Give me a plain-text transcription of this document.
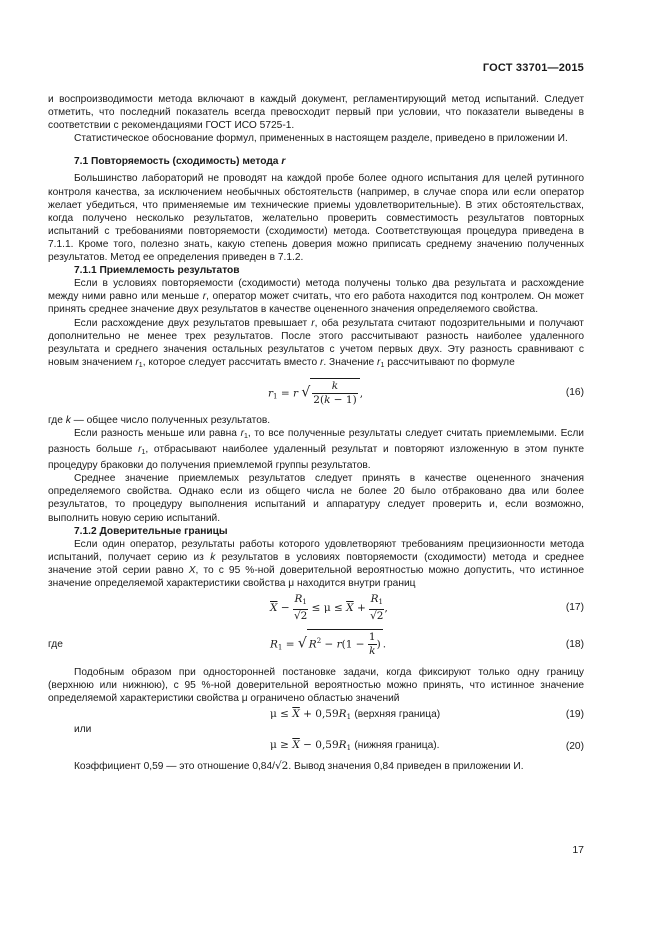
ГОСТ 33701—2015

и воспроизводимости метода включают в каждый документ, регламентирующий метод испытаний. Следует отметить, что последний показатель всегда превосходит первый при условии, что показатели выведены в соответствии с рекомендациями ГОСТ ИСО 5725-1.

Статистическое обоснование формул, примененных в настоящем разделе, приведено в приложении И.

7.1 Повторяемость (сходимость) метода r

Большинство лабораторий не проводят на каждой пробе более одного испытания для целей рутинного контроля качества, за исключением необычных обстоятельств (например, в случае спора или если оператор желает убедиться, что применяемые им технические приемы удовлетворительные). В этих обстоятельствах, когда получено несколько результатов, желательно проверить совместимость результатов повторных испытаний с требованиями повторяемости (сходимости) метода. Соответствующая процедура приведена в 7.1.1. Кроме того, полезно знать, какую степень доверия можно приписать среднему значению полученных результатов. Метод ее определения приведен в 7.1.2.

7.1.1 Приемлемость результатов

Если в условиях повторяемости (сходимости) метода получены только два результата и расхождение между ними равно или меньше r, оператор может считать, что его работа находится под контролем. Он может принять среднее значение двух результатов в качестве оцененного значения определяемого свойства.

Если расхождение двух результатов превышает r, оба результата считают подозрительными и получают дополнительно не менее трех результатов. После этого рассчитывают разность наиболее удаленного результата и среднего значения остальных результатов с учетом первых двух. Эту разность сравнивают с новым значением $r_1$, которое следует рассчитать вместо r. Значение $r_1$ рассчитывают по формуле

$r_1 = r$ √ $\frac{k}{2(k - 1)}$ ,	(16)

где k — общее число полученных результатов.

Если разность меньше или равна $r_1$, то все полученные результаты следует считать приемлемыми. Если разность больше $r_1$, отбрасывают наиболее удаленный результат и повторяют изложенную в этом пункте процедуру браковки до получения приемлемой группы результатов.

Среднее значение приемлемых результатов следует принять в качестве оцененного значения определяемого свойства. Однако если из общего числа не более 20 было отбраковано два или более результатов, то процедуру выполнения испытаний и аппаратуру следует проверить и, если возможно, выполнить новую серию испытаний.

7.1.2 Доверительные границы

Если один оператор, результаты работы которого удовлетворяют требованиям прецизионности метода испытаний, получает серию из k результатов в условиях повторяемости (сходимости) метода и среднее значение этой серии равно X, то с 95 %-ной доверительной вероятностью можно допустить, что истинное значение определяемой характеристики свойства μ находится внутри границ

$\overline{X} - \frac{R_1}{√2} \le \mu \le \overline{X} + \frac{R_1}{√2}$ ,	(17)
где	$R_1$ = √ $R^2 - r(1 - \frac{1}{k}$ ) .	(18)

Подобным образом при односторонней постановке задачи, когда фиксируют только одну границу (верхнюю или нижнюю), с 95 %-ной доверительной вероятностью можно принять, что истинное значение определяемой характеристики свойства μ ограничено областью значений

$\mu \le \overline{X} + 0,59R_1$ (верхняя граница)	(19)

или

$\mu \ge \overline{X} - 0,59R_1$ (нижняя граница).	(20)

Коэффициент 0,59 — это отношение 0,84/√2. Вывод значения 0,84 приведен в приложении И.

17
